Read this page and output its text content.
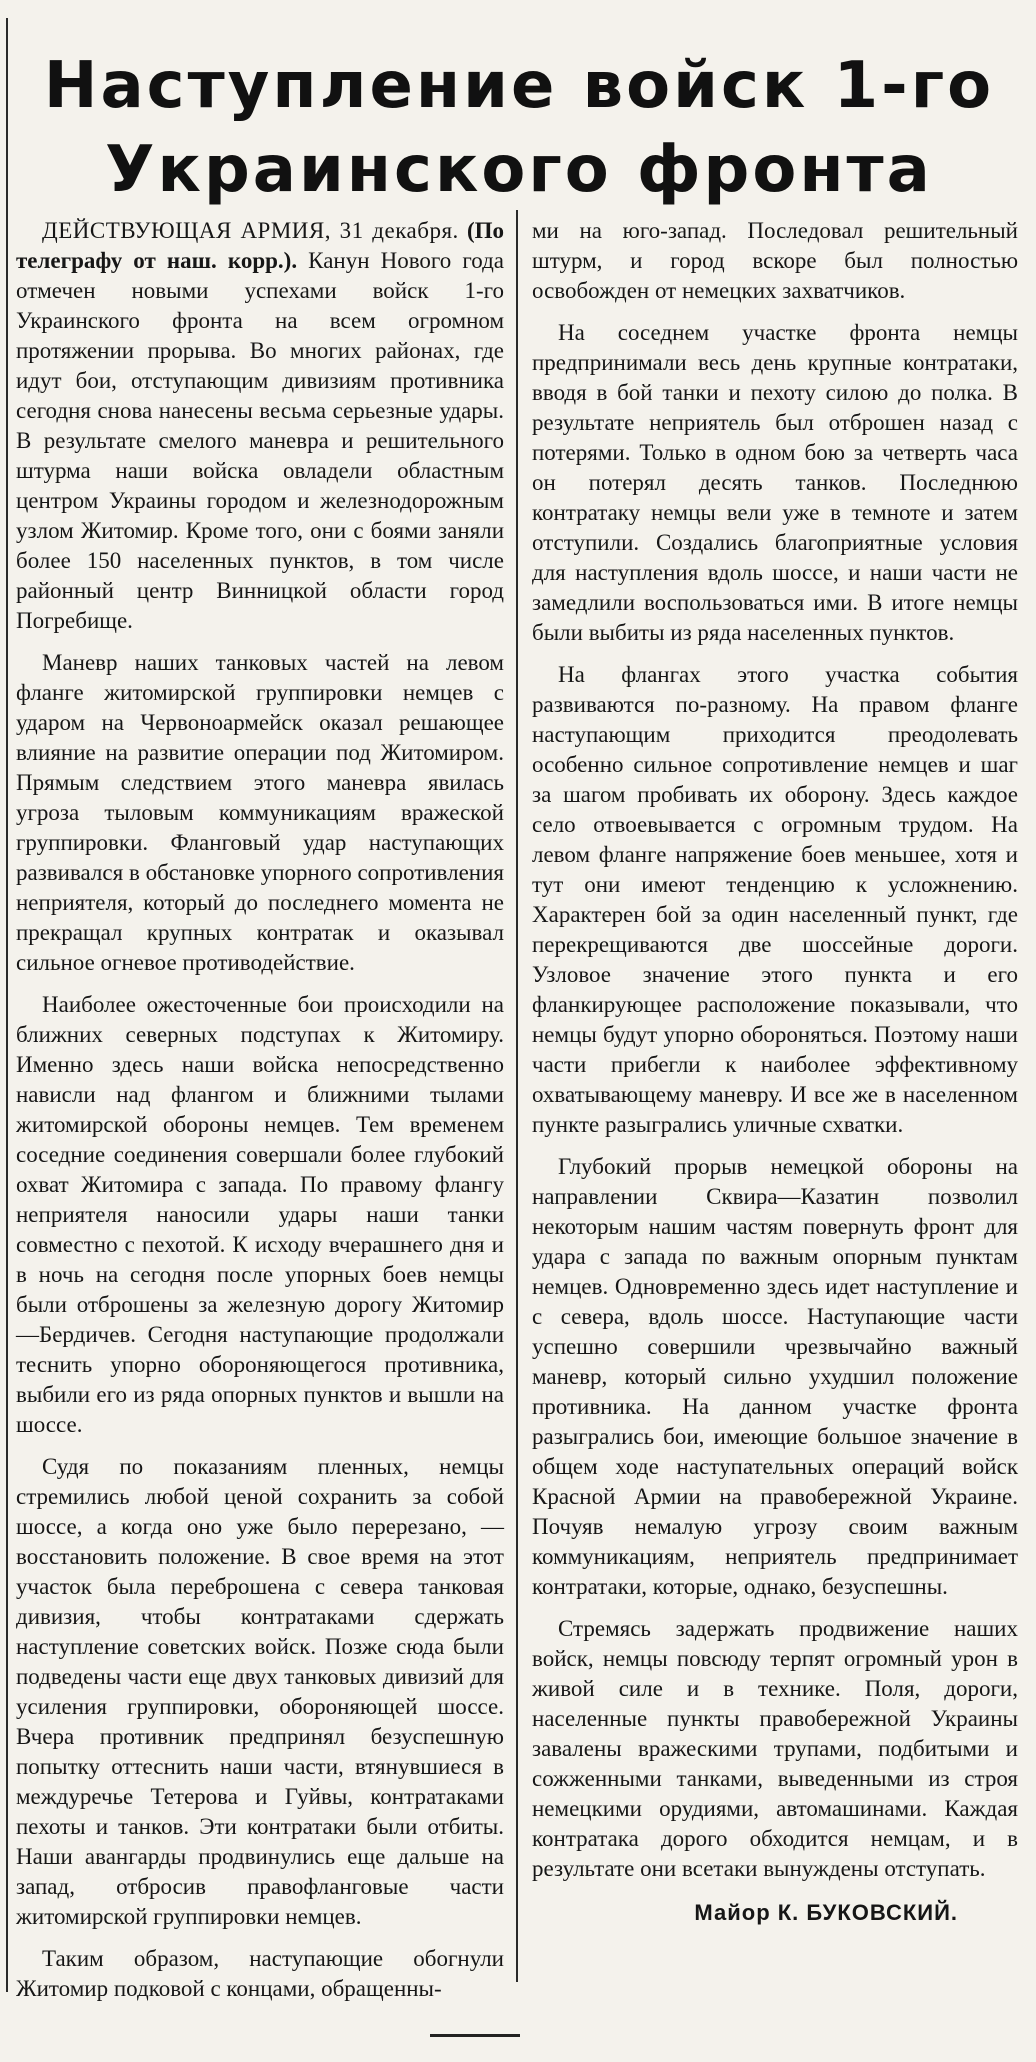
Наступление войск 1-го
Украинского фронта

ДЕЙСТВУЮЩАЯ АРМИЯ, 31 декабря. (По телеграфу от наш. корр.). Канун Нового года отмечен новыми успехами войск 1-го Украинского фронта на всем огромном протяжении прорыва. Во многих районах, где идут бои, отступающим дивизиям противника сегодня снова нанесены весьма серьезные удары. В результате смелого маневра и решительного штурма наши войска овладели областным центром Украины городом и железнодорожным узлом Житомир. Кроме того, они с боями заняли более 150 населенных пунктов, в том числе районный центр Винницкой области город Погребище.

Маневр наших танковых частей на левом фланге житомирской группировки немцев с ударом на Червоноармейск оказал решающее влияние на развитие операции под Житомиром. Прямым следствием этого маневра явилась угроза тыловым коммуникациям вражеской группировки. Фланговый удар наступающих развивался в обстановке упорного сопротивления неприятеля, который до последнего момента не прекращал крупных контратак и оказывал сильное огневое противодействие.

Наиболее ожесточенные бои происходили на ближних северных подступах к Житомиру. Именно здесь наши войска непосредственно нависли над флангом и ближними тылами житомирской обороны немцев. Тем временем соседние соединения совершали более глубокий охват Житомира с запада. По правому флангу неприятеля наносили удары наши танки совместно с пехотой. К исходу вчерашнего дня и в ночь на сегодня после упорных боев немцы были отброшены за железную дорогу Житомир—Бердичев. Сегодня наступающие продолжали теснить упорно обороняющегося противника, выбили его из ряда опорных пунктов и вышли на шоссе.

Судя по показаниям пленных, немцы стремились любой ценой сохранить за собой шоссе, а когда оно уже было перерезано, — восстановить положение. В свое время на этот участок была переброшена с севера танковая дивизия, чтобы контратаками сдержать наступление советских войск. Позже сюда были подведены части еще двух танковых дивизий для усиления группировки, обороняющей шоссе. Вчера противник предпринял безуспешную попытку оттеснить наши части, втянувшиеся в междуречье Тетерова и Гуйвы, контратаками пехоты и танков. Эти контратаки были отбиты. Наши авангарды продвинулись еще дальше на запад, отбросив правофланговые части житомирской группировки немцев.

Таким образом, наступающие обогнули Житомир подковой с концами, обращенны-

ми на юго-запад. Последовал решительный штурм, и город вскоре был полностью освобожден от немецких захватчиков.

На соседнем участке фронта немцы предпринимали весь день крупные контратаки, вводя в бой танки и пехоту силою до полка. В результате неприятель был отброшен назад с потерями. Только в одном бою за четверть часа он потерял десять танков. Последнюю контратаку немцы вели уже в темноте и затем отступили. Создались благоприятные условия для наступления вдоль шоссе, и наши части не замедлили воспользоваться ими. В итоге немцы были выбиты из ряда населенных пунктов.

На флангах этого участка события развиваются по-разному. На правом фланге наступающим приходится преодолевать особенно сильное сопротивление немцев и шаг за шагом пробивать их оборону. Здесь каждое село отвоевывается с огромным трудом. На левом фланге напряжение боев меньшее, хотя и тут они имеют тенденцию к усложнению. Характерен бой за один населенный пункт, где перекрещиваются две шоссейные дороги. Узловое значение этого пункта и его фланкирующее расположение показывали, что немцы будут упорно обороняться. Поэтому наши части прибегли к наиболее эффективному охватывающему маневру. И все же в населенном пункте разыгрались уличные схватки.

Глубокий прорыв немецкой обороны на направлении Сквира—Казатин позволил некоторым нашим частям повернуть фронт для удара с запада по важным опорным пунктам немцев. Одновременно здесь идет наступление и с севера, вдоль шоссе. Наступающие части успешно совершили чрезвычайно важный маневр, который сильно ухудшил положение противника. На данном участке фронта разыгрались бои, имеющие большое значение в общем ходе наступательных операций войск Красной Армии на правобережной Украине. Почуяв немалую угрозу своим важным коммуникациям, неприятель предпринимает контратаки, которые, однако, безуспешны.

Стремясь задержать продвижение наших войск, немцы повсюду терпят огромный урон в живой силе и в технике. Поля, дороги, населенные пункты правобережной Украины завалены вражескими трупами, подбитыми и сожженными танками, выведенными из строя немецкими орудиями, автомашинами. Каждая контратака дорого обходится немцам, и в результате они всетаки вынуждены отступать.

Майор К. БУКОВСКИЙ.
